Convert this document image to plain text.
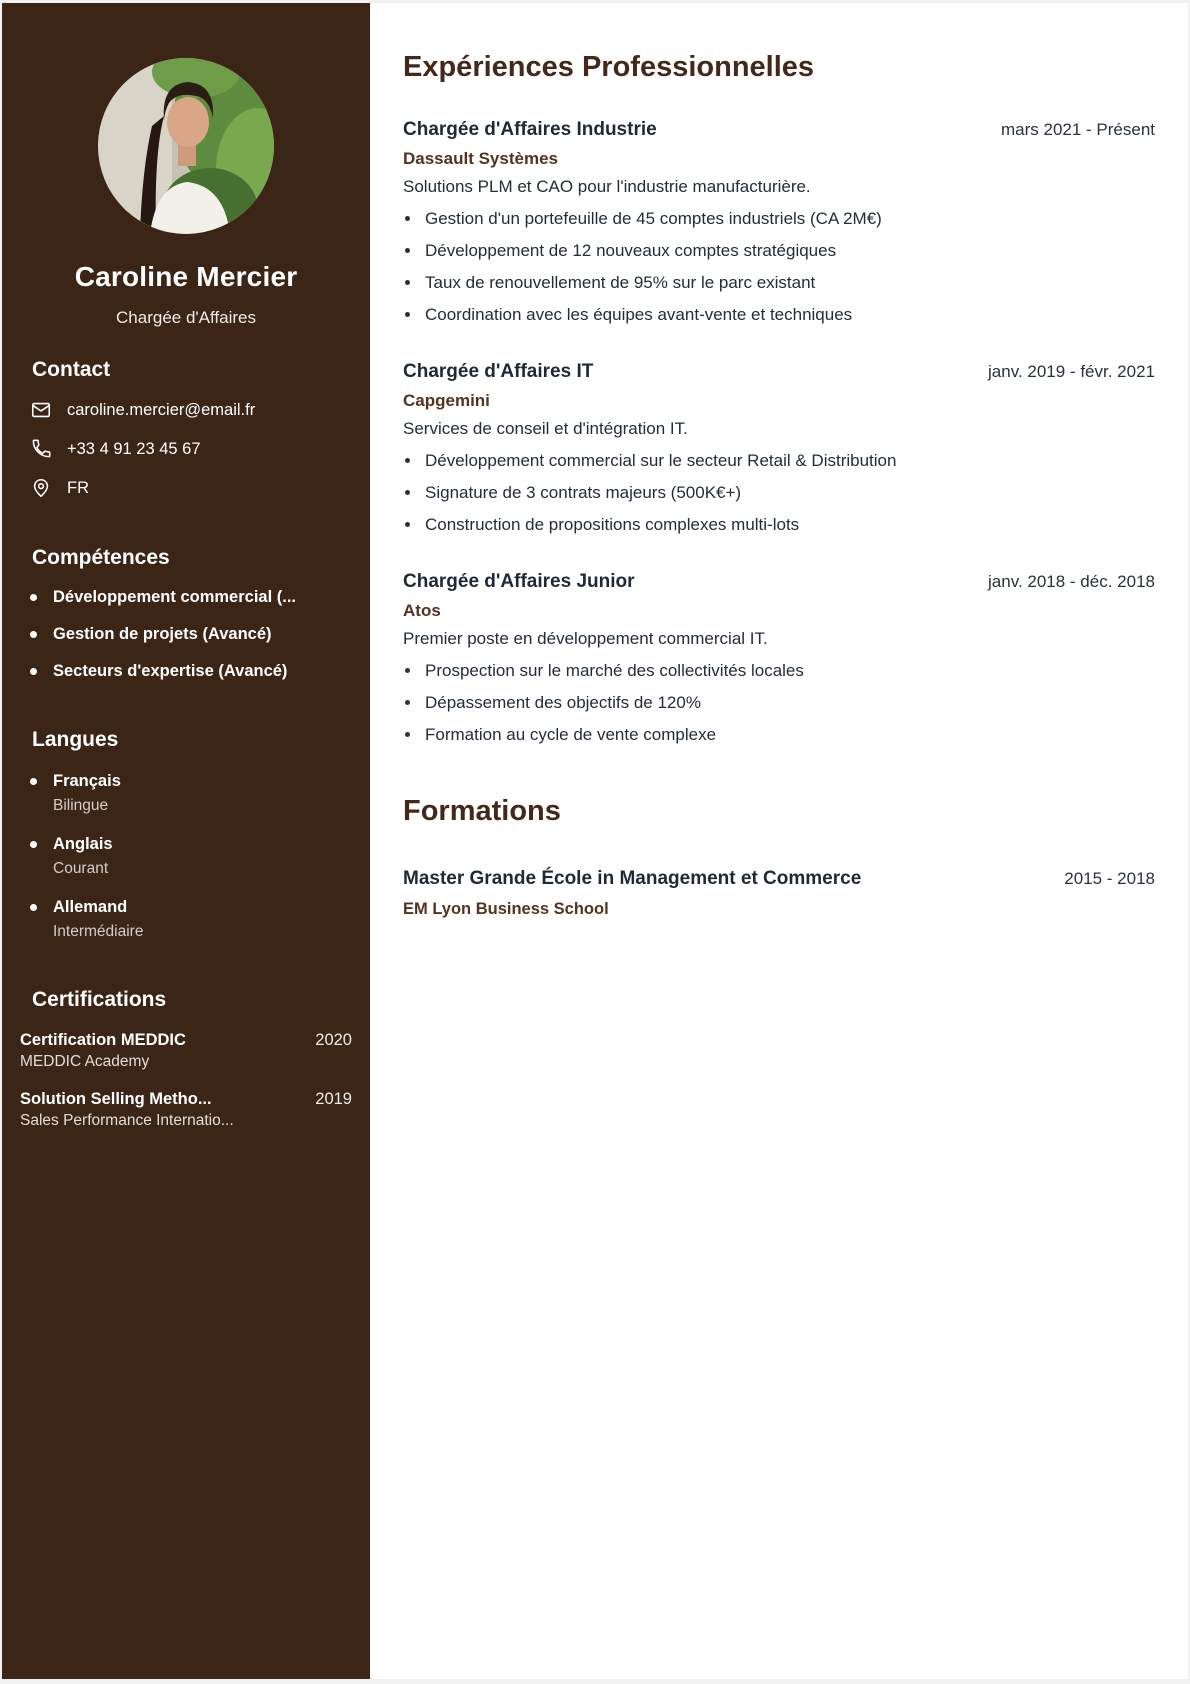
Caroline Mercier
Chargée d'Affaires
Contact
caroline.mercier@email.fr
+33 4 91 23 45 67
FR
Compétences
Développement commercial (...
Gestion de projets (Avancé)
Secteurs d'expertise (Avancé)
Langues
Français
Bilingue
Anglais
Courant
Allemand
Intermédiaire
Certifications
Certification MEDDIC	2020
MEDDIC Academy
Solution Selling Metho...	2019
Sales Performance Internatio...
Expériences Professionnelles
Chargée d'Affaires Industrie	mars 2021 - Présent
Dassault Systèmes
Solutions PLM et CAO pour l'industrie manufacturière.
Gestion d'un portefeuille de 45 comptes industriels (CA 2M€)
Développement de 12 nouveaux comptes stratégiques
Taux de renouvellement de 95% sur le parc existant
Coordination avec les équipes avant-vente et techniques
Chargée d'Affaires IT	janv. 2019 - févr. 2021
Capgemini
Services de conseil et d'intégration IT.
Développement commercial sur le secteur Retail & Distribution
Signature de 3 contrats majeurs (500K€+)
Construction de propositions complexes multi-lots
Chargée d'Affaires Junior	janv. 2018 - déc. 2018
Atos
Premier poste en développement commercial IT.
Prospection sur le marché des collectivités locales
Dépassement des objectifs de 120%
Formation au cycle de vente complexe
Formations
Master Grande École in Management et Commerce	2015 - 2018
EM Lyon Business School
